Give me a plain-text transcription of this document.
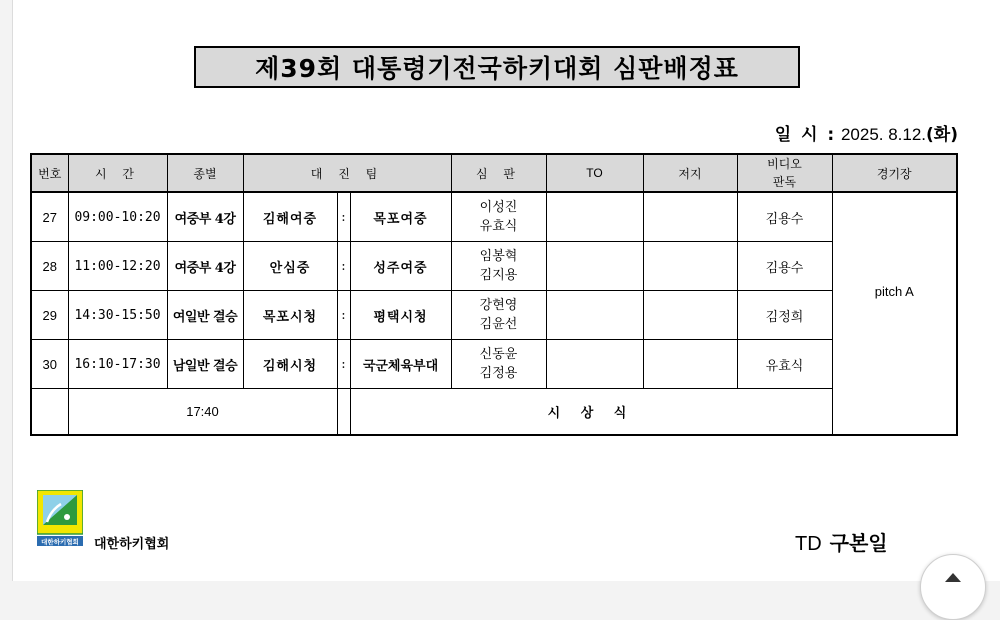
제39회 대통령기전국하키대회 심판배정표
일 시 : 2025. 8.12.(화)
번호	시 간	종별	대 진 팀			심 판	TO	저지	비디오
판독	경기장
27	09:00-10:20	여중부 4강	김해여중	:	목포여중	이성진
유효식			김용수	pitch A

28	11:00-12:20	여중부 4강	안심중	:	성주여중	임봉혁
김지용			김용수	
29	14:30-15:50	여일반 결승	목포시청	:	평택시청	강현영
김윤선			김정희	
30	16:10-17:30	남일반 결승	김해시청	:	국군체육부대	신동윤
김정용			유효식	
	17:40				시 상 식					
대한하키협회 대한하키협회	TD 구본일
